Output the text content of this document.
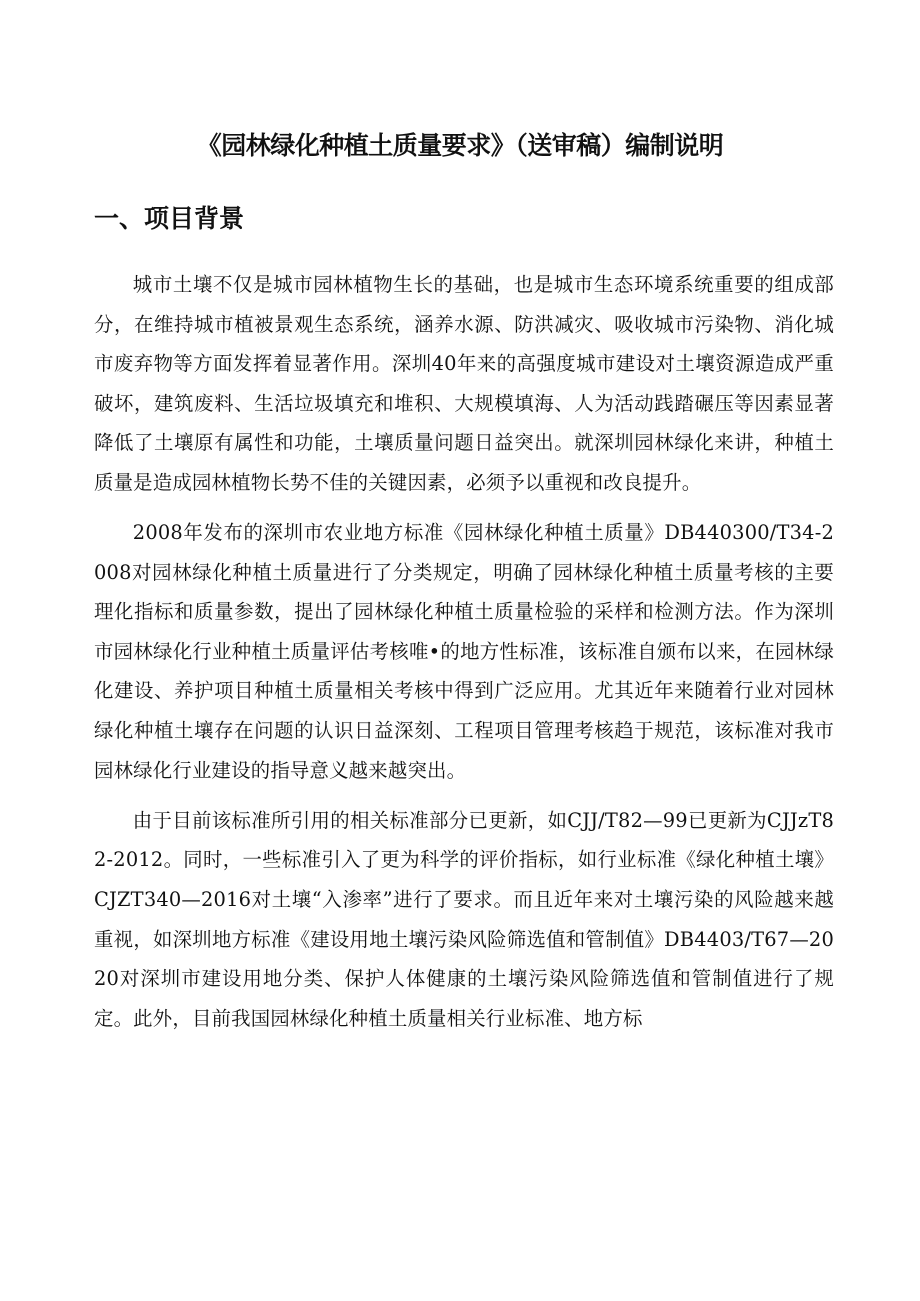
《园林绿化种植土质量要求》（送审稿）编制说明
一、项目背景

城市土壤不仅是城市园林植物生长的基础，也是城市生态环境系统重要的组成部分，在维持城市植被景观生态系统，涵养水源、防洪减灾、吸收城市污染物、消化城市废弃物等方面发挥着显著作用。深圳40年来的高强度城市建设对土壤资源造成严重破坏，建筑废料、生活垃圾填充和堆积、大规模填海、人为活动践踏碾压等因素显著降低了土壤原有属性和功能，土壤质量问题日益突出。就深圳园林绿化来讲，种植土质量是造成园林植物长势不佳的关键因素，必须予以重视和改良提升。

2008年发布的深圳市农业地方标准《园林绿化种植土质量》DB440300/T34-2008对园林绿化种植土质量进行了分类规定，明确了园林绿化种植土质量考核的主要理化指标和质量参数，提出了园林绿化种植土质量检验的采样和检测方法。作为深圳市园林绿化行业种植土质量评估考核唯•的地方性标准，该标准自颁布以来，在园林绿化建设、养护项目种植土质量相关考核中得到广泛应用。尤其近年来随着行业对园林绿化种植土壤存在问题的认识日益深刻、工程项目管理考核趋于规范，该标准对我市园林绿化行业建设的指导意义越来越突出。

由于目前该标准所引用的相关标准部分已更新，如CJJ/T82—99已更新为CJJzT82-2012。同时，一些标准引入了更为科学的评价指标，如行业标准《绿化种植土壤》CJZT340—2016对土壤“入渗率”进行了要求。而且近年来对土壤污染的风险越来越重视，如深圳地方标准《建设用地土壤污染风险筛选值和管制值》DB4403/T67—2020对深圳市建设用地分类、保护人体健康的土壤污染风险筛选值和管制值进行了规定。此外，目前我国园林绿化种植土质量相关行业标准、地方标
